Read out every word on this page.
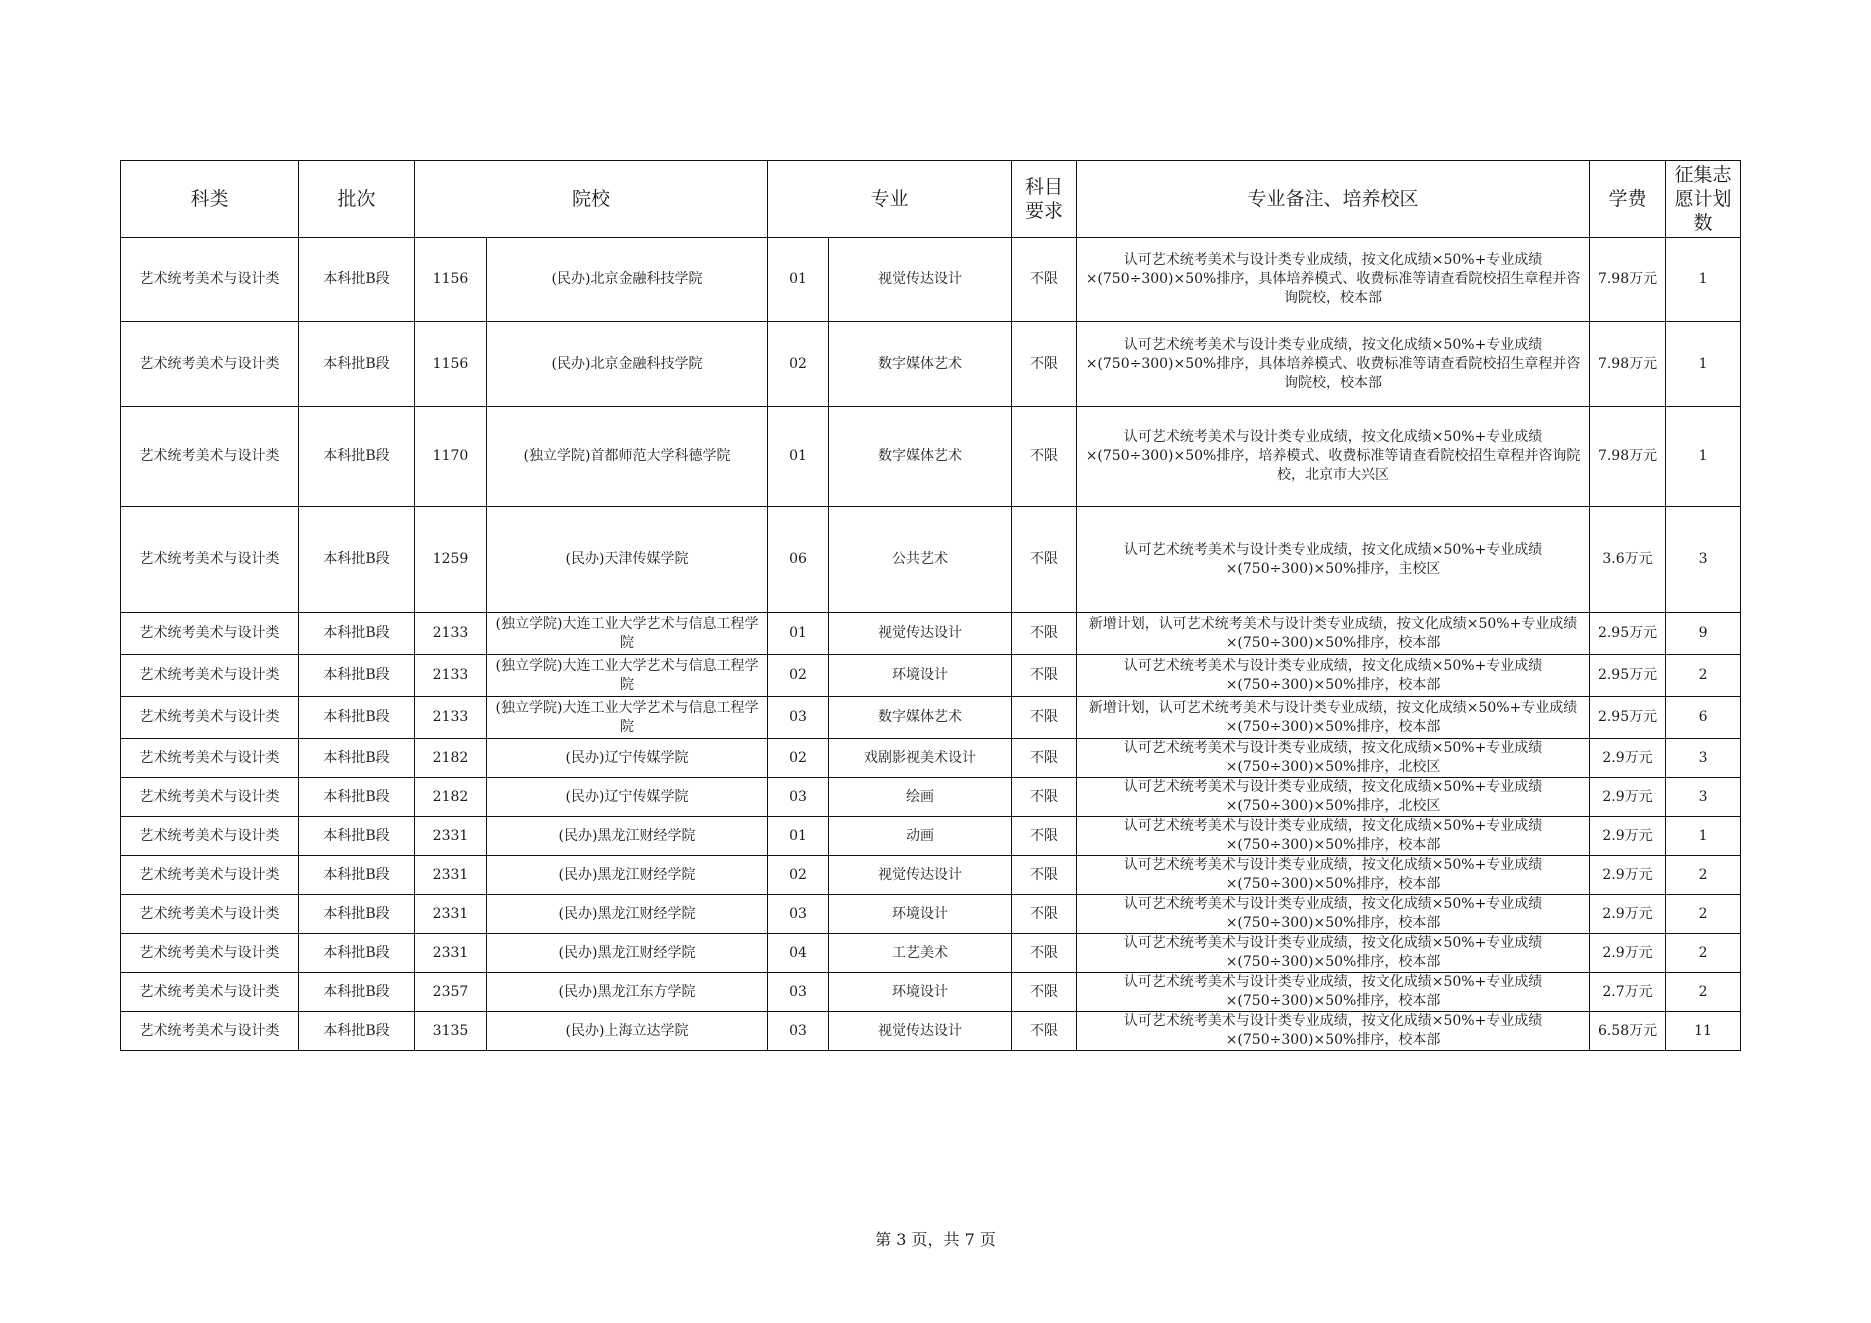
科类	批次	院校		专业		科目要求	专业备注、培养校区	学费	征集志愿计划数
艺术统考美术与设计类	本科批B段	1156	(民办)北京金融科技学院	01	视觉传达设计	不限	认可艺术统考美术与设计类专业成绩，按文化成绩×50%+专业成绩×(750÷300)×50%排序，具体培养模式、收费标准等请查看院校招生章程并咨询院校，校本部	7.98万元	1
艺术统考美术与设计类	本科批B段	1156	(民办)北京金融科技学院	02	数字媒体艺术	不限	认可艺术统考美术与设计类专业成绩，按文化成绩×50%+专业成绩×(750÷300)×50%排序，具体培养模式、收费标准等请查看院校招生章程并咨询院校，校本部	7.98万元	1
艺术统考美术与设计类	本科批B段	1170	(独立学院)首都师范大学科德学院	01	数字媒体艺术	不限	认可艺术统考美术与设计类专业成绩，按文化成绩×50%+专业成绩×(750÷300)×50%排序，培养模式、收费标准等请查看院校招生章程并咨询院校，北京市大兴区	7.98万元	1
艺术统考美术与设计类	本科批B段	1259	(民办)天津传媒学院	06	公共艺术	不限	认可艺术统考美术与设计类专业成绩，按文化成绩×50%+专业成绩×(750÷300)×50%排序，主校区	3.6万元	3
艺术统考美术与设计类	本科批B段	2133	(独立学院)大连工业大学艺术与信息工程学院	01	视觉传达设计	不限	新增计划，认可艺术统考美术与设计类专业成绩，按文化成绩×50%+专业成绩×(750÷300)×50%排序，校本部	2.95万元	9
艺术统考美术与设计类	本科批B段	2133	(独立学院)大连工业大学艺术与信息工程学院	02	环境设计	不限	认可艺术统考美术与设计类专业成绩，按文化成绩×50%+专业成绩×(750÷300)×50%排序，校本部	2.95万元	2
艺术统考美术与设计类	本科批B段	2133	(独立学院)大连工业大学艺术与信息工程学院	03	数字媒体艺术	不限	新增计划，认可艺术统考美术与设计类专业成绩，按文化成绩×50%+专业成绩×(750÷300)×50%排序，校本部	2.95万元	6
艺术统考美术与设计类	本科批B段	2182	(民办)辽宁传媒学院	02	戏剧影视美术设计	不限	认可艺术统考美术与设计类专业成绩，按文化成绩×50%+专业成绩×(750÷300)×50%排序，北校区	2.9万元	3
艺术统考美术与设计类	本科批B段	2182	(民办)辽宁传媒学院	03	绘画	不限	认可艺术统考美术与设计类专业成绩，按文化成绩×50%+专业成绩×(750÷300)×50%排序，北校区	2.9万元	3
艺术统考美术与设计类	本科批B段	2331	(民办)黑龙江财经学院	01	动画	不限	认可艺术统考美术与设计类专业成绩，按文化成绩×50%+专业成绩×(750÷300)×50%排序，校本部	2.9万元	1
艺术统考美术与设计类	本科批B段	2331	(民办)黑龙江财经学院	02	视觉传达设计	不限	认可艺术统考美术与设计类专业成绩，按文化成绩×50%+专业成绩×(750÷300)×50%排序，校本部	2.9万元	2
艺术统考美术与设计类	本科批B段	2331	(民办)黑龙江财经学院	03	环境设计	不限	认可艺术统考美术与设计类专业成绩，按文化成绩×50%+专业成绩×(750÷300)×50%排序，校本部	2.9万元	2
艺术统考美术与设计类	本科批B段	2331	(民办)黑龙江财经学院	04	工艺美术	不限	认可艺术统考美术与设计类专业成绩，按文化成绩×50%+专业成绩×(750÷300)×50%排序，校本部	2.9万元	2
艺术统考美术与设计类	本科批B段	2357	(民办)黑龙江东方学院	03	环境设计	不限	认可艺术统考美术与设计类专业成绩，按文化成绩×50%+专业成绩×(750÷300)×50%排序，校本部	2.7万元	2
艺术统考美术与设计类	本科批B段	3135	(民办)上海立达学院	03	视觉传达设计	不限	认可艺术统考美术与设计类专业成绩，按文化成绩×50%+专业成绩×(750÷300)×50%排序，校本部	6.58万元	11
第 3 页，共 7 页
